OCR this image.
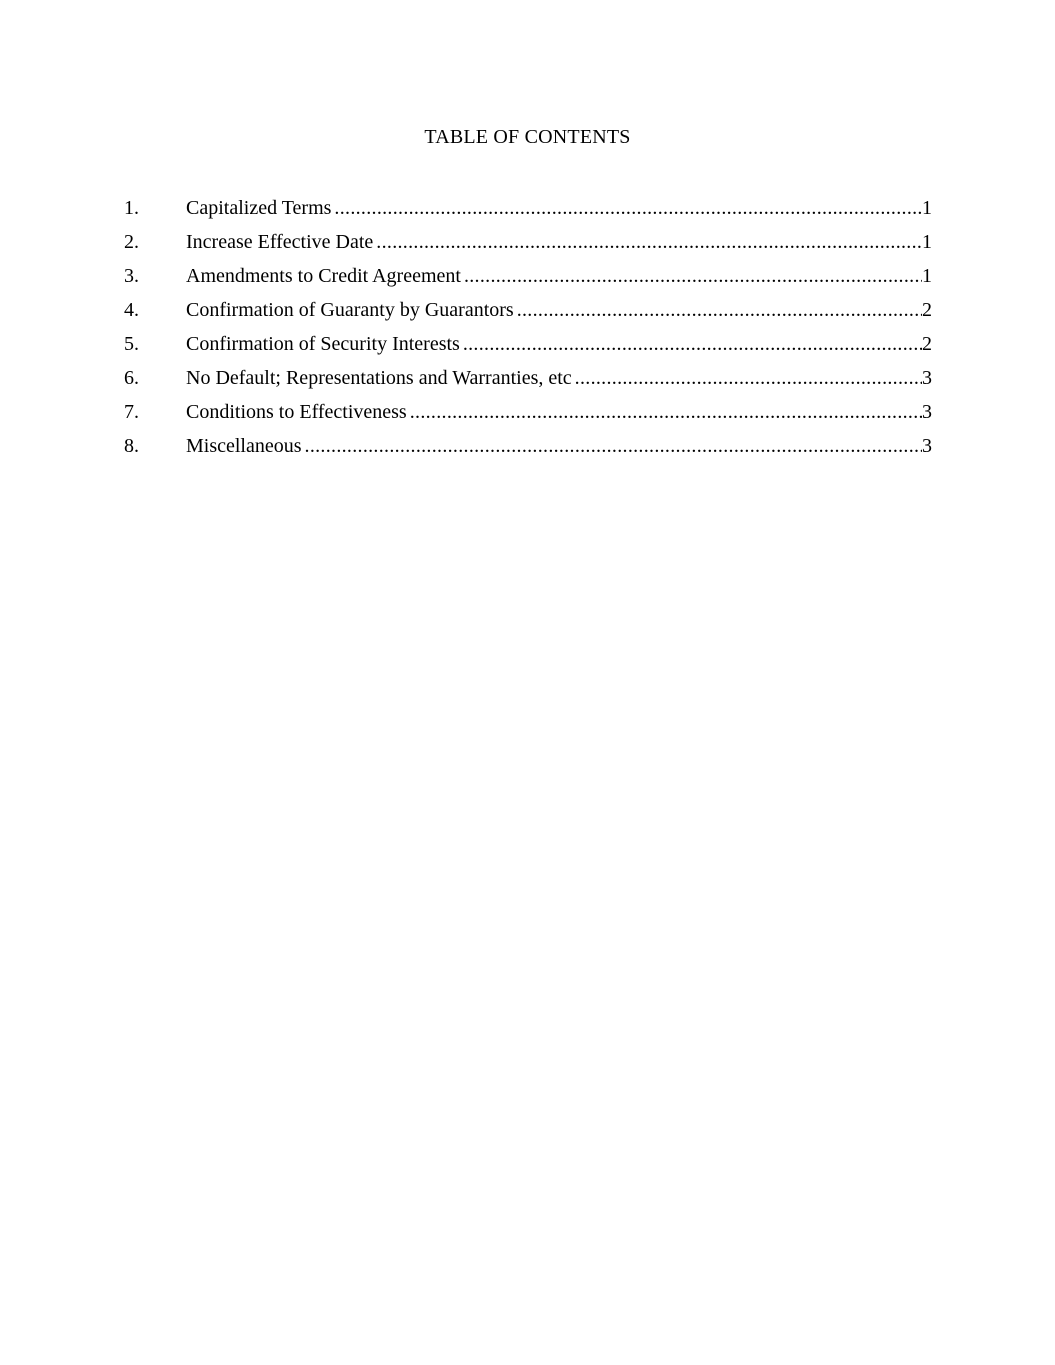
TABLE OF CONTENTS
1.	Capitalized Terms .....	1
2.	Increase Effective Date .....	1
3.	Amendments to Credit Agreement .....	1
4.	Confirmation of Guaranty by Guarantors .....	2
5.	Confirmation of Security Interests .....	2
6.	No Default; Representations and Warranties, etc .....	3
7.	Conditions to Effectiveness .....	3
8.	Miscellaneous .....	3
